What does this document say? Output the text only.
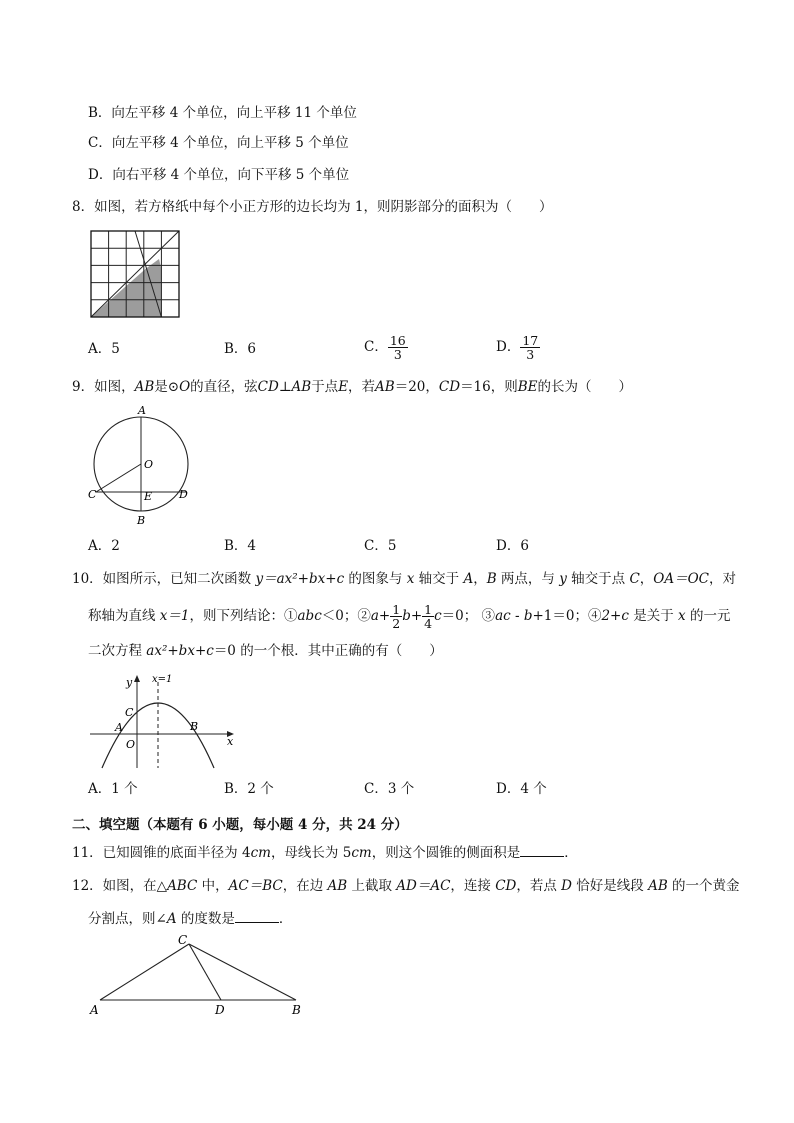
B．向左平移 4 个单位，向上平移 11 个单位
C．向左平移 4 个单位，向上平移 5 个单位
D．向右平移 4 个单位，向下平移 5 个单位
8．如图，若方格纸中每个小正方形的边长均为 1，则阴影部分的面积为（　　）
A．5	B．6	C． $\frac{16}{3}$	D． $\frac{17}{3}$
9．如图，AB是⊙O的直径，弦CD⊥AB于点E，若AB＝20，CD＝16，则BE的长为（　　）
A
O
C	E D
B
A．2	B．4	C．5	D．6
10．如图所示，已知二次函数 y＝ax²+bx+c 的图象与 x 轴交于 A，B 两点，与 y 轴交于点 C，OA＝OC，对
称轴为直线 x＝1，则下列结论：①abc＜0；②a+ $\frac{1}{2} b+ \frac{1}{4} c=0$； ③ac - b+1＝0；④2+c 是关于 x 的一元
二次方程 ax²+bx+c＝0 的一个根．其中正确的有（　　）
y x=1
C
A	B
O	x
A．1 个	B．2 个	C．3 个	D．4 个
二、填空题（本题有 6 小题，每小题 4 分，共 24 分）
11．已知圆锥的底面半径为 4cm，母线长为 5cm，则这个圆锥的侧面积是	．
12．如图，在△ABC 中，AC＝BC，在边 AB 上截取 AD＝AC，连接 CD，若点 D 恰好是线段 AB 的一个黄金
分割点，则∠A 的度数是	．
C
A	D	B
